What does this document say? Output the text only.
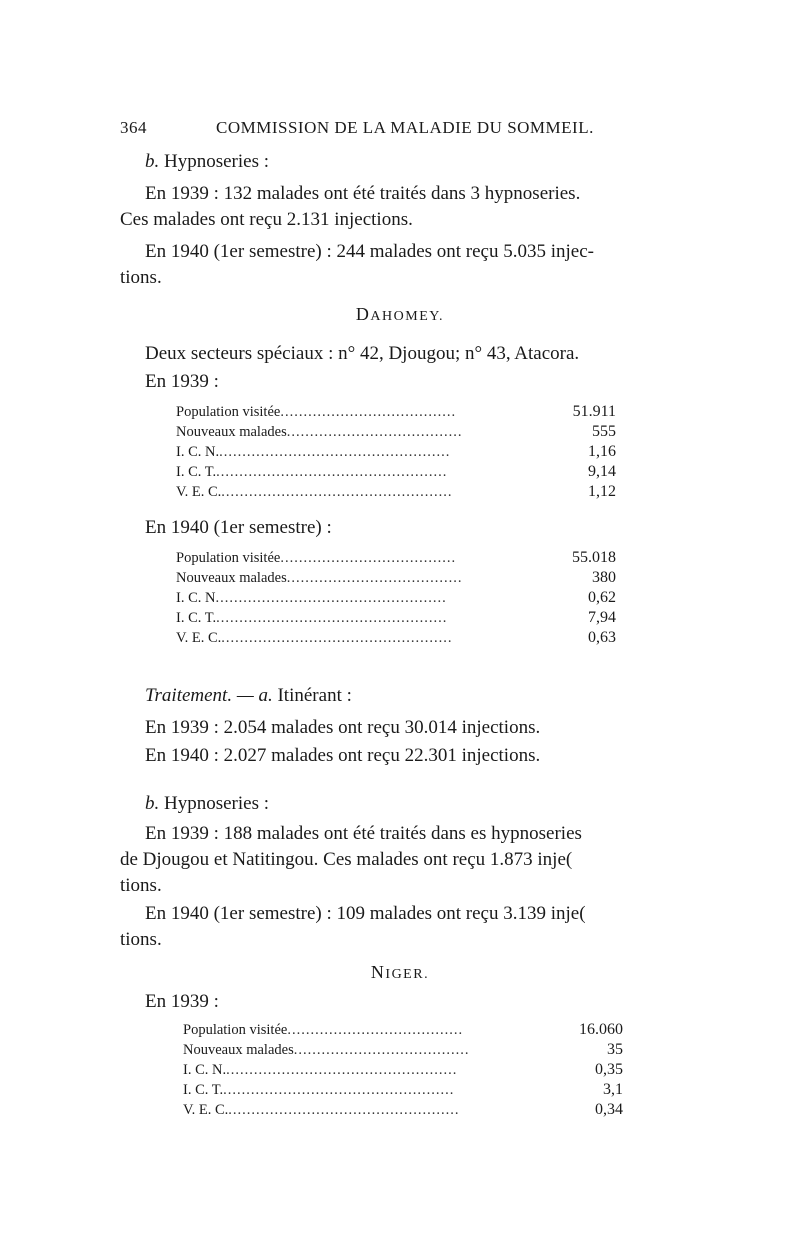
364	COMMISSION DE LA MALADIE DU SOMMEIL.
b. Hypnoseries :
En 1939 : 132 malades ont été traités dans 3 hypnoseries.
Ces malades ont reçu 2.131 injections.
En 1940 (1er semestre) : 244 malades ont reçu 5.035 injec-
tions.
DAHOMEY.
Deux secteurs spéciaux : n° 42, Djougou; n° 43, Atacora.
En 1939 :
Population visitée......................................	51.911
Nouveaux malades......................................	555
I. C. N...................................................	1,16
I. C. T...................................................	9,14
V. E. C...................................................	1,12
En 1940 (1er semestre) :
Population visitée......................................	55.018
Nouveaux malades......................................	380
I. C. N..................................................	0,62
I. C. T...................................................	7,94
V. E. C...................................................	0,63
Traitement. — a. Itinérant :
En 1939 : 2.054 malades ont reçu 30.014 injections.
En 1940 : 2.027 malades ont reçu 22.301 injections.
b. Hypnoseries :
En 1939 : 188 malades ont été traités dans es hypnoseries
de Djougou et Natitingou. Ces malades ont reçu 1.873 inje(
tions.
En 1940 (1er semestre) : 109 malades ont reçu 3.139 inje(
tions.
NIGER.
En 1939 :
Population visitée......................................	16.060
Nouveaux malades......................................	35
I. C. N...................................................	0,35
I. C. T...................................................	3,1
V. E. C...................................................	0,34
